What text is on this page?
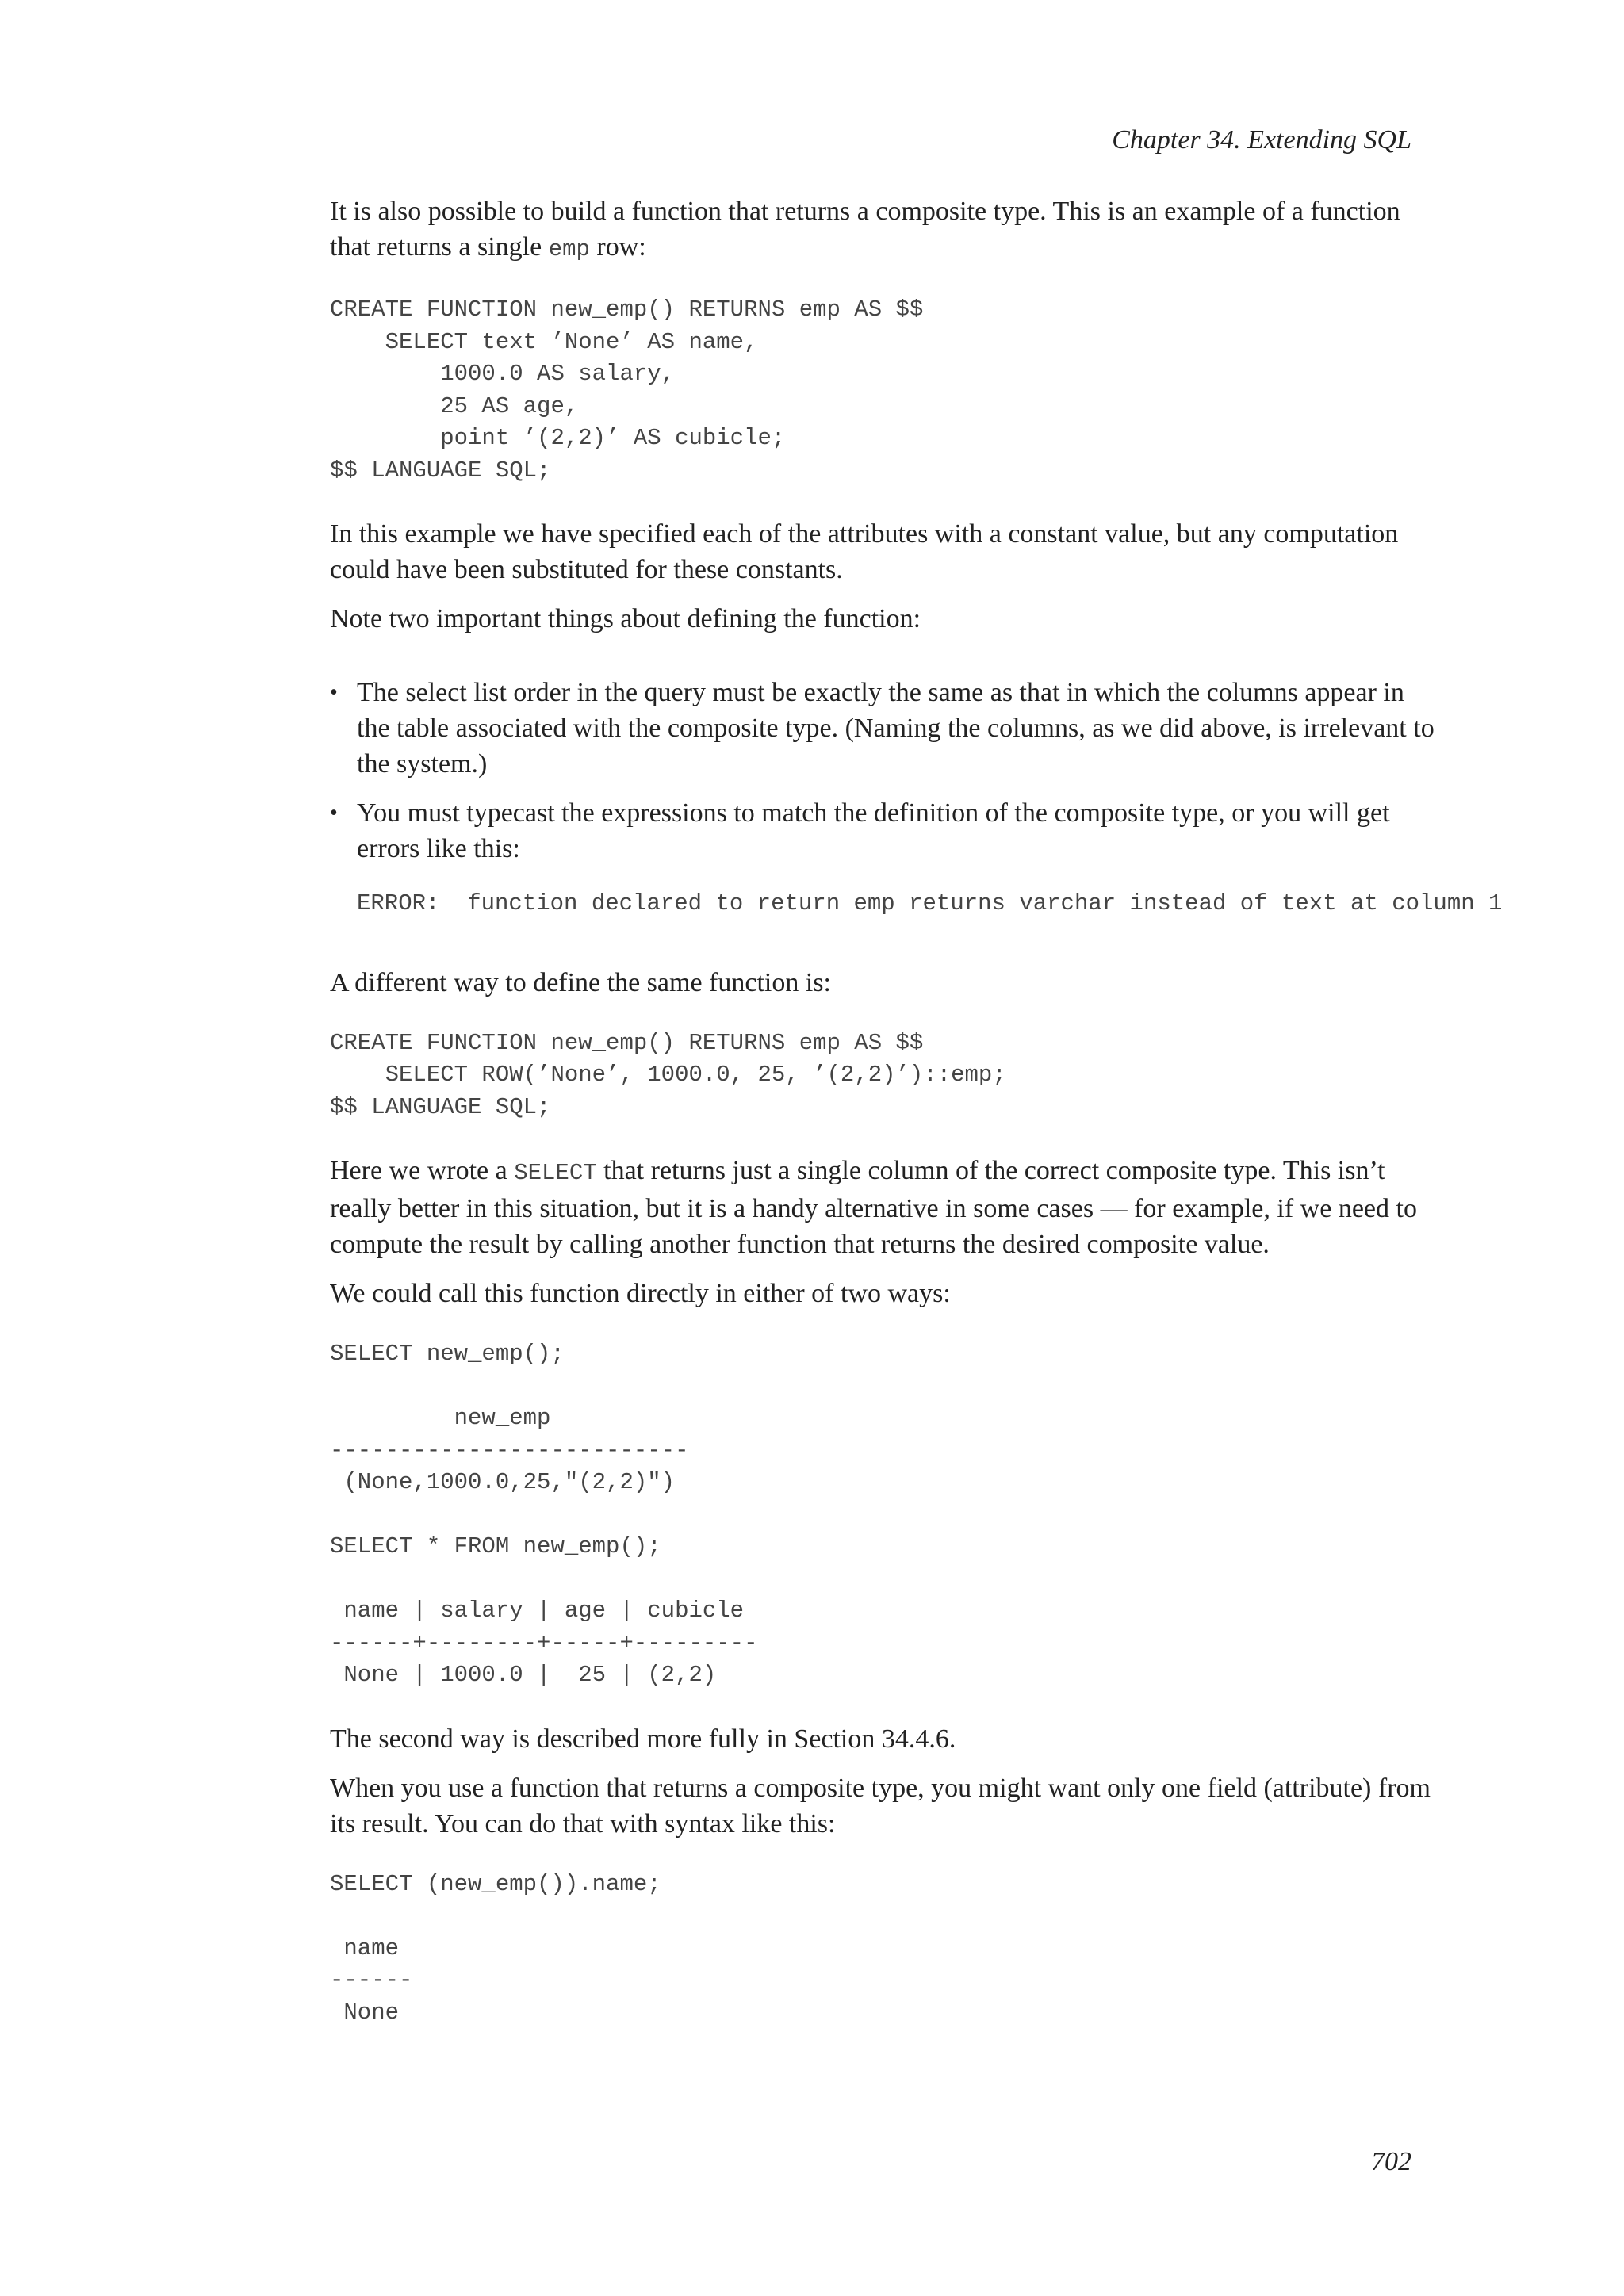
Chapter 34. Extending SQL

It is also possible to build a function that returns a composite type. This is an example of a function that returns a single emp row:

CREATE FUNCTION new_emp() RETURNS emp AS $$
SELECT text ’None’ AS name,
1000.0 AS salary,
25 AS age,
point ’(2,2)’ AS cubicle;
$$ LANGUAGE SQL;

In this example we have specified each of the attributes with a constant value, but any computation could have been substituted for these constants.

Note two important things about defining the function:

• The select list order in the query must be exactly the same as that in which the columns appear in the table associated with the composite type. (Naming the columns, as we did above, is irrelevant to the system.)
• You must typecast the expressions to match the definition of the composite type, or you will get errors like this:
ERROR:  function declared to return emp returns varchar instead of text at column 1

A different way to define the same function is:

CREATE FUNCTION new_emp() RETURNS emp AS $$
SELECT ROW(’None’, 1000.0, 25, ’(2,2)’)::emp;
$$ LANGUAGE SQL;

Here we wrote a SELECT that returns just a single column of the correct composite type. This isn’t really better in this situation, but it is a handy alternative in some cases — for example, if we need to compute the result by calling another function that returns the desired composite value.

We could call this function directly in either of two ways:

SELECT new_emp();

new_emp
--------------------------
(None,1000.0,25,"(2,2)")

SELECT * FROM new_emp();

name | salary | age | cubicle
------+--------+-----+---------
None | 1000.0 |  25 | (2,2)

The second way is described more fully in Section 34.4.6.

When you use a function that returns a composite type, you might want only one field (attribute) from its result. You can do that with syntax like this:

SELECT (new_emp()).name;

name
------
None
702
